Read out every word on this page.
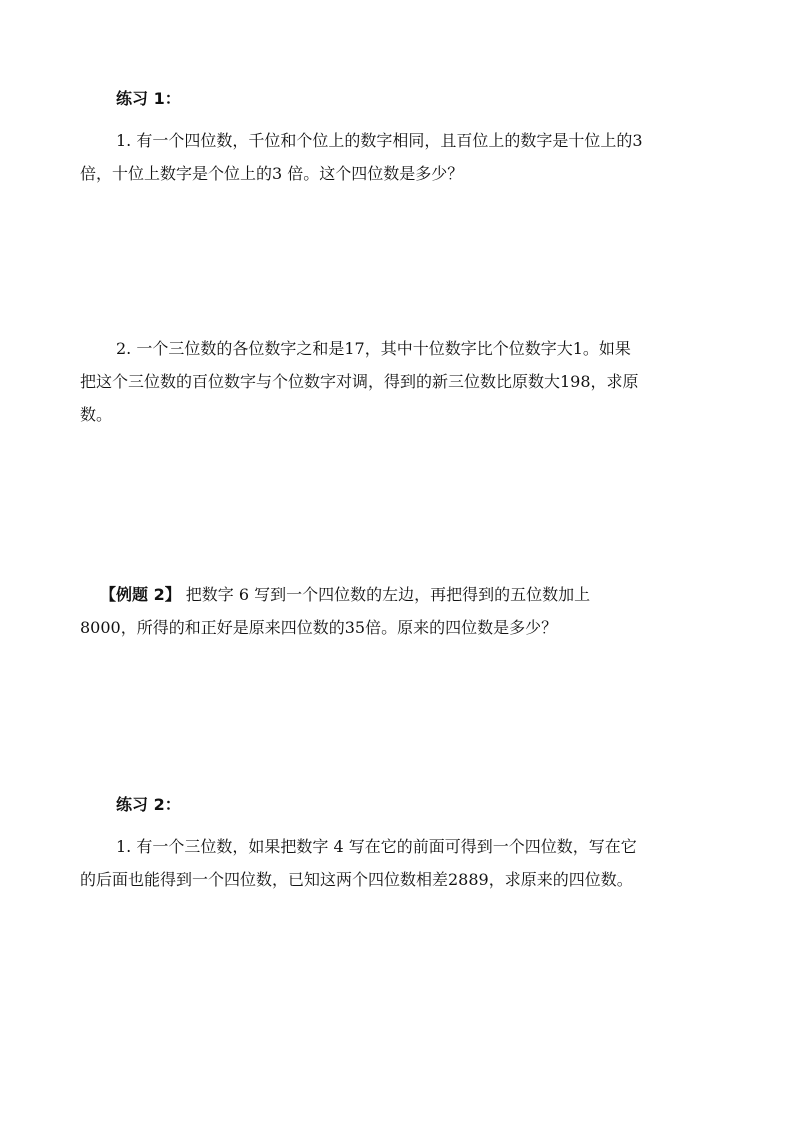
练习 1：
1. 有一个四位数，千位和个位上的数字相同，且百位上的数字是十位上的3
倍，十位上数字是个位上的3 倍。这个四位数是多少？
2. 一个三位数的各位数字之和是17，其中十位数字比个位数字大1。如果
把这个三位数的百位数字与个位数字对调，得到的新三位数比原数大198，求原
数。
【例题 2】 把数字 6 写到一个四位数的左边，再把得到的五位数加上
8000，所得的和正好是原来四位数的35倍。原来的四位数是多少？
练习 2：
1. 有一个三位数，如果把数字 4 写在它的前面可得到一个四位数，写在它
的后面也能得到一个四位数，已知这两个四位数相差2889，求原来的四位数。
